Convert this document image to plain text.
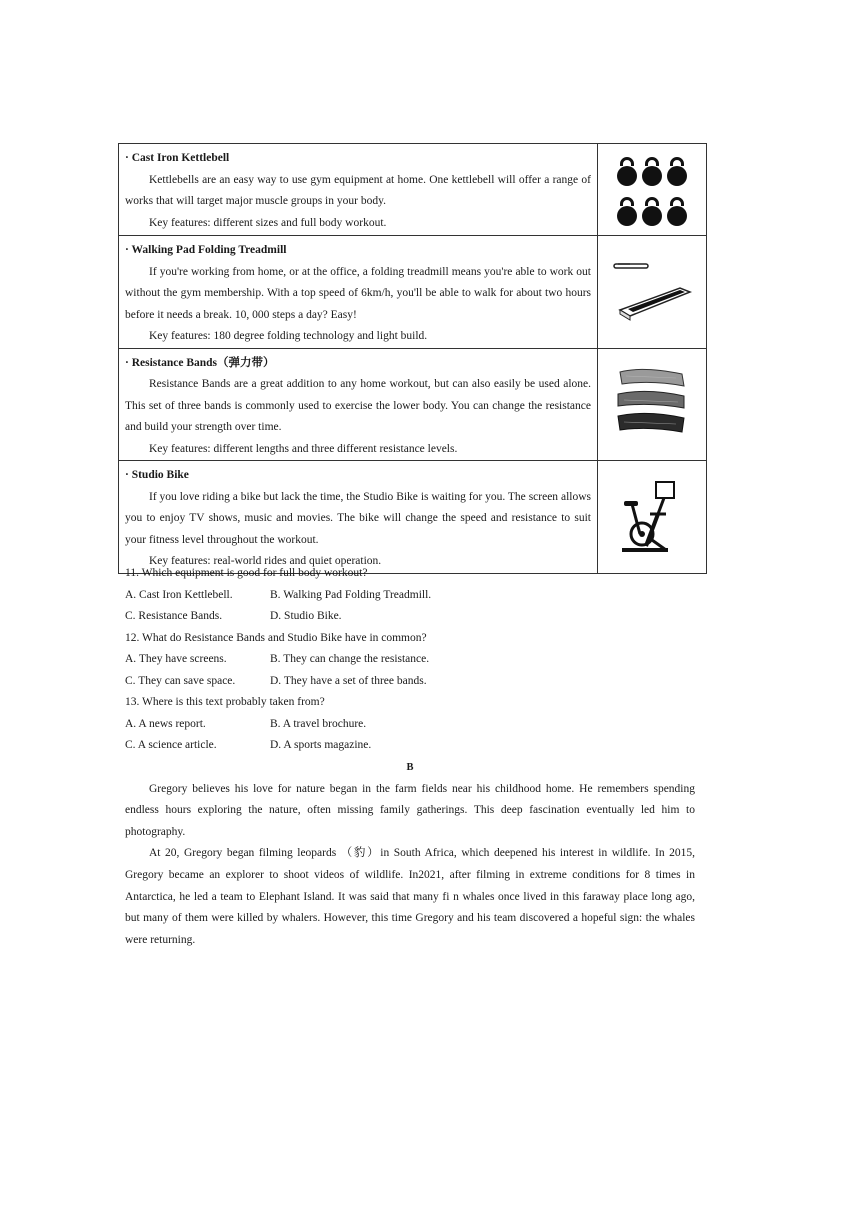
· Cast Iron Kettlebell
Kettlebells are an easy way to use gym equipment at home. One kettlebell will offer a range of works that will target major muscle groups in your body.
Key features: different sizes and full body workout.

· Walking Pad Folding Treadmill
If you're working from home, or at the office, a folding treadmill means you're able to work out without the gym membership. With a top speed of 6km/h, you'll be able to walk for about two hours before it needs a break. 10, 000 steps a day? Easy!
Key features: 180 degree folding technology and light build.

· Resistance Bands（弹力带）
Resistance Bands are a great addition to any home workout, but can also easily be used alone. This set of three bands is commonly used to exercise the lower body. You can change the resistance and build your strength over time.
Key features: different lengths and three different resistance levels.

· Studio Bike
If you love riding a bike but lack the time, the Studio Bike is waiting for you. The screen allows you to enjoy TV shows, music and movies. The bike will change the speed and resistance to suit your fitness level throughout the workout.
Key features: real-world rides and quiet operation.

11. Which equipment is good for full body workout?
A. Cast Iron Kettlebell.	B. Walking Pad Folding Treadmill.
C. Resistance Bands.	D. Studio Bike.
12. What do Resistance Bands and Studio Bike have in common?
A. They have screens.	B. They can change the resistance.
C. They can save space.	D. They have a set of three bands.
13. Where is this text probably taken from?
A. A news report.	B. A travel brochure.
C. A science article.	D. A sports magazine.
B
Gregory believes his love for nature began in the farm fields near his childhood home. He remembers spending endless hours exploring the nature, often missing family gatherings. This deep fascination eventually led him to photography.
At 20, Gregory began filming leopards （豹）in South Africa, which deepened his interest in wildlife. In 2015, Gregory became an explorer to shoot videos of wildlife. In2021, after filming in extreme conditions for 8 times in Antarctica, he led a team to Elephant Island. It was said that many fi n whales once lived in this faraway place long ago, but many of them were killed by whalers. However, this time Gregory and his team discovered a hopeful sign: the whales were returning.
